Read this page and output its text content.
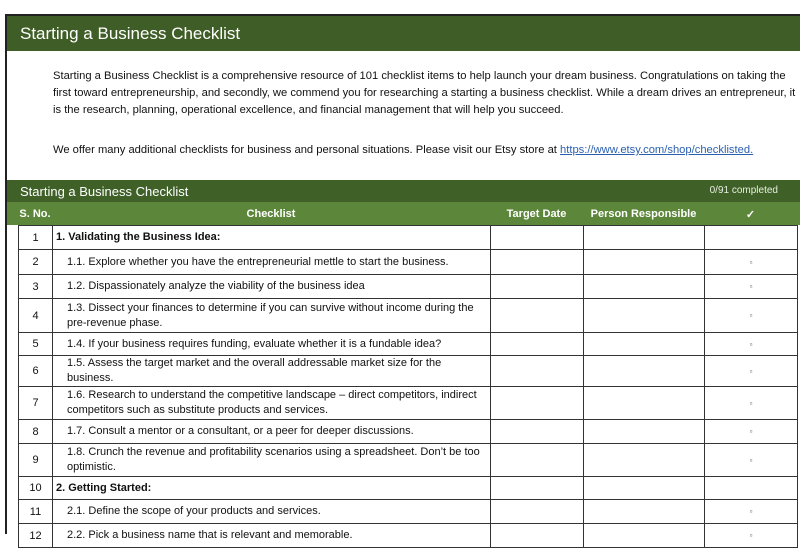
Starting a Business Checklist

Starting a Business Checklist is a comprehensive resource of 101 checklist items to help launch your dream business. Congratulations on taking the first toward entrepreneurship, and secondly, we commend you for researching a starting a business checklist. While a dream drives an entrepreneur, it is the research, planning, operational excellence, and financial management that will help you succeed.

We offer many additional checklists for business and personal situations. Please visit our Etsy store at https://www.etsy.com/shop/checklisted.

Starting a Business Checklist	0/91 completed
S. No.	Checklist	Target Date	Person Responsible	✓
1	1. Validating the Business Idea:			
2	1.1. Explore whether you have the entrepreneurial mettle to start the business.			▫
3	1.2. Dispassionately analyze the viability of the business idea			▫
4	1.3. Dissect your finances to determine if you can survive without income during the pre-revenue phase.			▫
5	1.4. If your business requires funding, evaluate whether it is a fundable idea?			▫
6	1.5. Assess the target market and the overall addressable market size for the business.			▫
7	1.6. Research to understand the competitive landscape – direct competitors, indirect competitors such as substitute products and services.			▫
8	1.7. Consult a mentor or a consultant, or a peer for deeper discussions.			▫
9	1.8. Crunch the revenue and profitability scenarios using a spreadsheet. Don’t be too optimistic.			▫
10	2. Getting Started:			
11	2.1. Define the scope of your products and services.			▫
12	2.2. Pick a business name that is relevant and memorable.			▫
